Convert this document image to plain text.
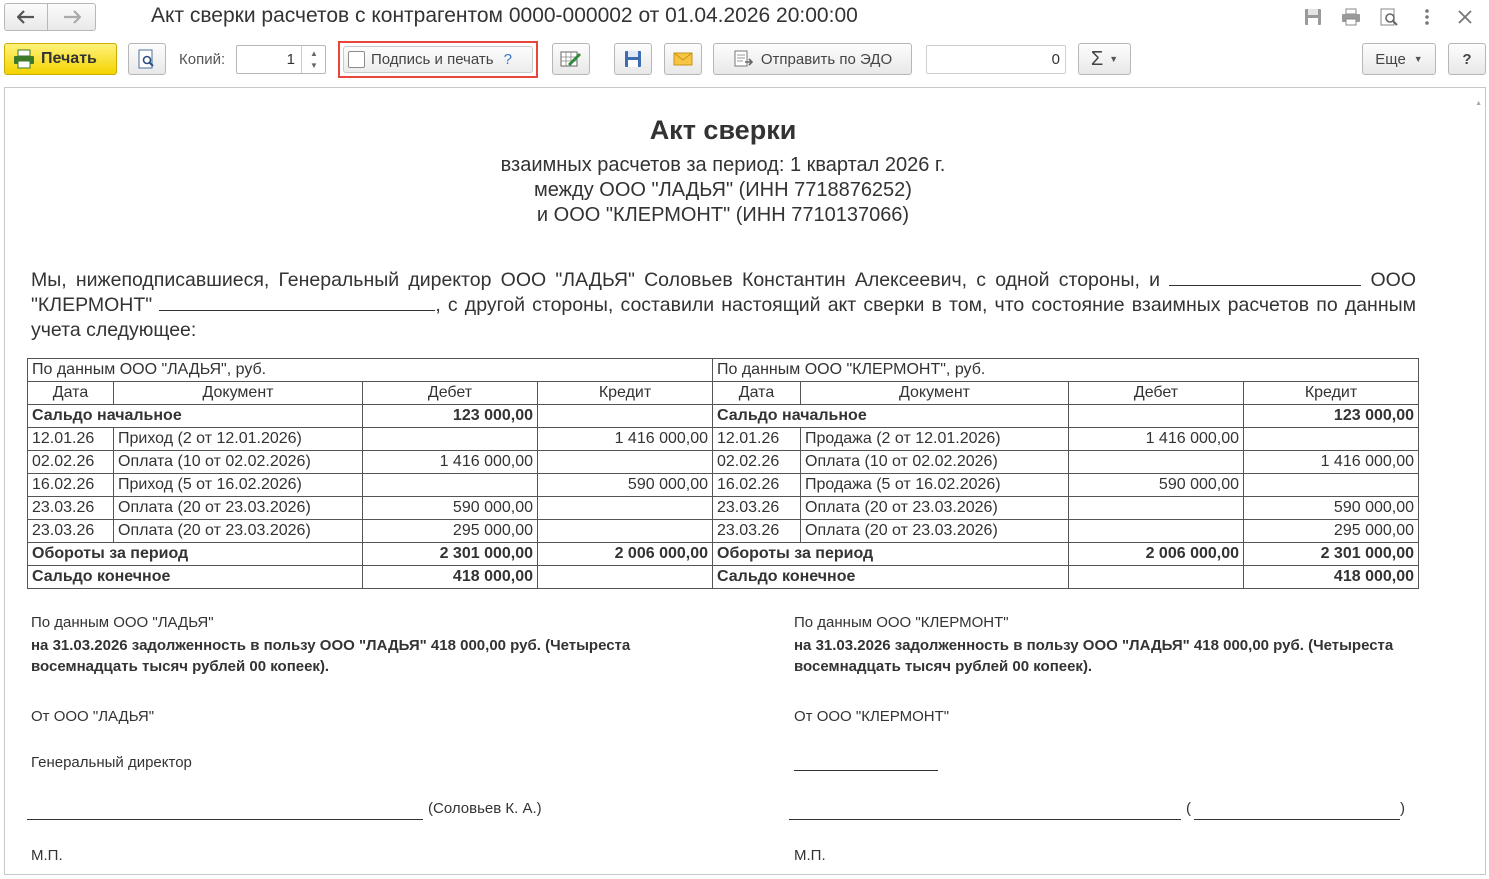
Акт сверки расчетов с контрагентом 0000-000002 от 01.04.2026 20:00:00
Печать	Копий:	1 ▲
▼	Подпись и печать ?	Отправить по ЭДО	0 Σ ▼	Еще ▼	?
▲
Акт сверки
взаимных расчетов за период: 1 квартал 2026 г.
между ООО "ЛАДЬЯ" (ИНН 7718876252)
и ООО "КЛЕРМОНТ" (ИНН 7710137066)
Мы, нижеподписавшиеся, Генеральный директор ООО "ЛАДЬЯ" Соловьев Константин Алексеевич, с одной стороны, и	ООО "КЛЕРМОНТ"	, с другой стороны, составили настоящий акт сверки в том, что состояние взаимных расчетов по данным учета следующее:
По данным ООО "ЛАДЬЯ", руб.				По данным ООО "КЛЕРМОНТ", руб.			
Дата	Документ	Дебет	Кредит	Дата	Документ	Дебет	Кредит
Сальдо начальное		123 000,00		Сальдо начальное			123 000,00
12.01.26	Приход (2 от 12.01.2026)		1 416 000,00	12.01.26	Продажа (2 от 12.01.2026)	1 416 000,00	
02.02.26	Оплата (10 от 02.02.2026)	1 416 000,00		02.02.26	Оплата (10 от 02.02.2026)		1 416 000,00
16.02.26	Приход (5 от 16.02.2026)		590 000,00	16.02.26	Продажа (5 от 16.02.2026)	590 000,00	
23.03.26	Оплата (20 от 23.03.2026)	590 000,00		23.03.26	Оплата (20 от 23.03.2026)		590 000,00
23.03.26	Оплата (20 от 23.03.2026)	295 000,00		23.03.26	Оплата (20 от 23.03.2026)		295 000,00
Обороты за период		2 301 000,00	2 006 000,00	Обороты за период		2 006 000,00	2 301 000,00
Сальдо конечное		418 000,00		Сальдо конечное			418 000,00
По данным ООО "ЛАДЬЯ"
на 31.03.2026 задолженность в пользу ООО "ЛАДЬЯ" 418 000,00 руб. (Четыреста
восемнадцать тысяч рублей 00 копеек).
От ООО "ЛАДЬЯ"
Генеральный директор
(Соловьев К. А.)
М.П.
По данным ООО "КЛЕРМОНТ"
на 31.03.2026 задолженность в пользу ООО "ЛАДЬЯ" 418 000,00 руб. (Четыреста
восемнадцать тысяч рублей 00 копеек).
От ООО "КЛЕРМОНТ"
(	)
М.П.
